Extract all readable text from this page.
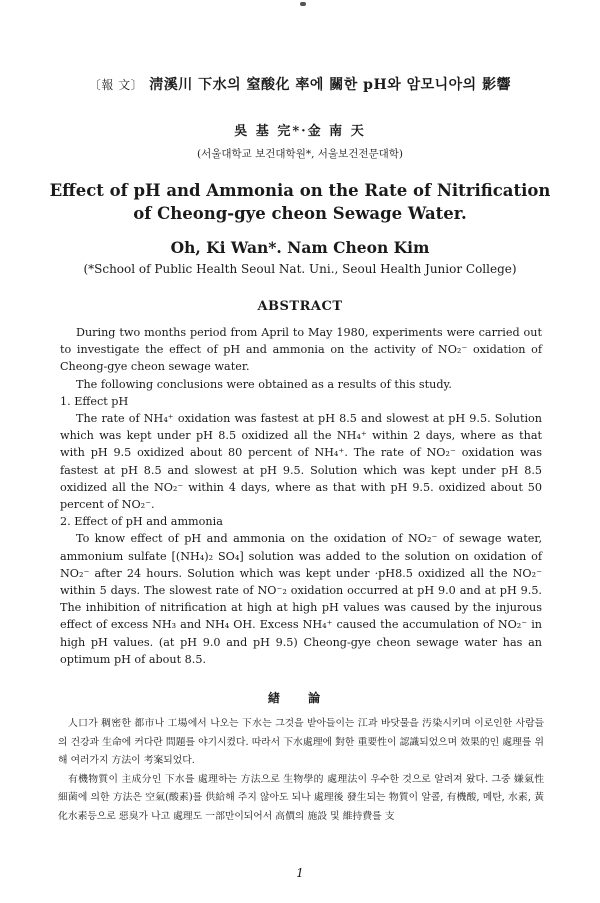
〔報 文〕 淸溪川 下水의 窒酸化 率에 關한 pH와 암모니아의 影響
吳 基 完*·金 南 天
(서울대학교 보건대학원*, 서울보건전문대학)
Effect of pH and Ammonia on the Rate of Nitrification
of Cheong-gye cheon Sewage Water.
Oh, Ki Wan*. Nam Cheon Kim
(*School of Public Health Seoul Nat. Uni., Seoul Health Junior College)
ABSTRACT

During two months period from April to May 1980, experiments were carried out to investigate the effect of pH and ammonia on the activity of NO₂⁻ oxidation of Cheong-gye cheon sewage water.

The following conclusions were obtained as a results of this study.

1. Effect pH

The rate of NH₄⁺ oxidation was fastest at pH 8.5 and slowest at pH 9.5. Solution which was kept under pH 8.5 oxidized all the NH₄⁺ within 2 days, where as that with pH 9.5 oxidized about 80 percent of NH₄⁺. The rate of NO₂⁻ oxidation was fastest at pH 8.5 and slowest at pH 9.5. Solution which was kept under pH 8.5 oxidized all the NO₂⁻ within 4 days, where as that with pH 9.5. oxidized about 50 percent of NO₂⁻.

2. Effect of pH and ammonia

To know effect of pH and ammonia on the oxidation of NO₂⁻ of sewage water, ammonium sulfate [(NH₄)₂ SO₄] solution was added to the solution on oxidation of NO₂⁻ after 24 hours. Solution which was kept under ·pH8.5 oxidized all the NO₂⁻ within 5 days. The slowest rate of NO⁻₂ oxidation occurred at pH 9.0 and at pH 9.5. The inhibition of nitrification at high at high pH values was caused by the injurous effect of excess NH₃ and NH₄ OH. Excess NH₄⁺ caused the accumulation of NO₂⁻ in high pH values. (at pH 9.0 and pH 9.5) Cheong-gye cheon sewage water has an optimum pH of about 8.5.

緖 論

人口가 稠密한 都市나 工場에서 나오는 下水는 그것을 받아들이는 江과 바닷물을 汚染시키며 이로인한 사람들의 건강과 生命에 커다란 問題를 야기시켰다. 따라서 下水處理에 對한 重要性이 認識되었으며 效果的인 處理를 위해 여러가지 方法이 考案되었다.

有機物質이 主成分인 下水를 處理하는 方法으로 生物學的 處理法이 우수한 것으로 알려져 왔다. 그중 嫌氣性 細菌에 의한 方法은 空氣(酸素)를 供給해 주지 않아도 되나 處理後 發生되는 物質이 알콜, 有機酸, 메탄, 水素, 黃化水素등으로 惡臭가 나고 處理도 一部만이되어서 高價의 施設 및 維持費를 支

1
